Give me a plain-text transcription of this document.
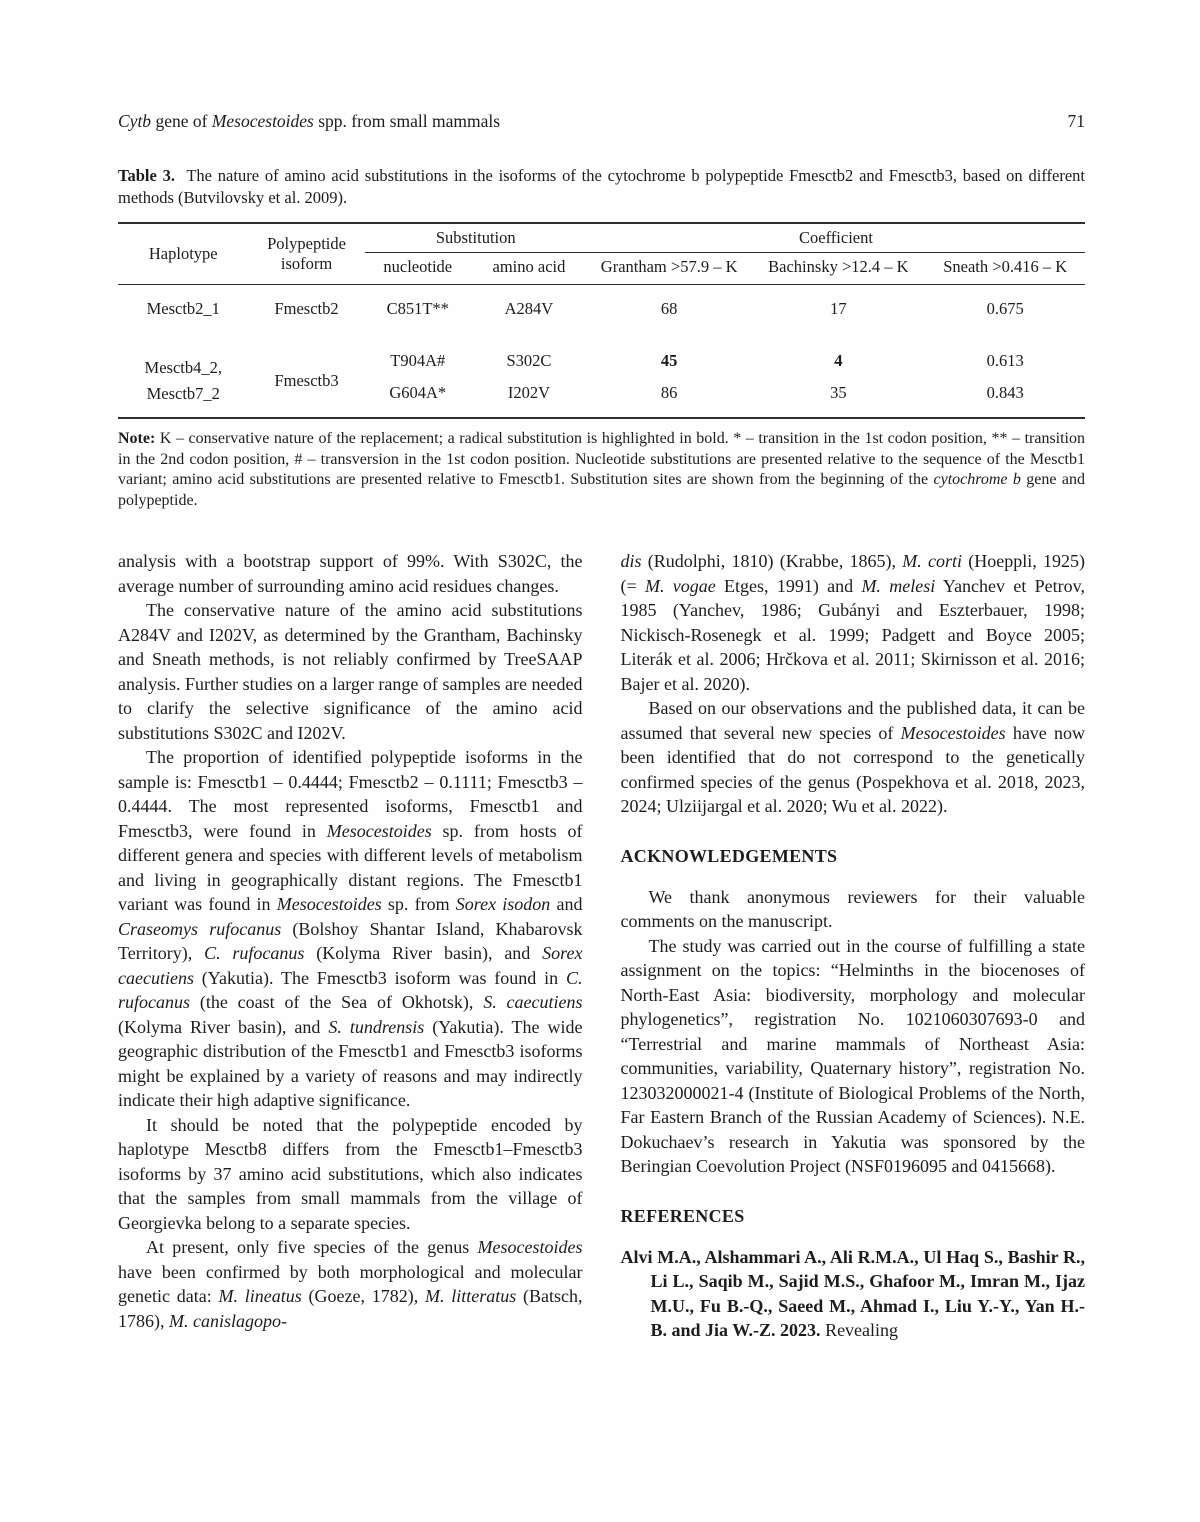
Cytb gene of Mesocestoides spp. from small mammals	71

Table 3.  The nature of amino acid substitutions in the isoforms of the cytochrome b polypeptide Fmesctb2 and Fmesctb3, based on different methods (Butvilovsky et al. 2009).

Haplotype	Polypeptide isoform	Substitution		Coefficient		
		nucleotide	amino acid	Grantham >57.9 – K	Bachinsky >12.4 – K	Sneath >0.416 – K
Mesctb2_1	Fmesctb2	C851T**	A284V	68	17	0.675
Mesctb4_2,
Mesctb7_2	Fmesctb3	T904A#	S302C	45	4	0.613
		G604A*	I202V	86	35	0.843

Note: K – conservative nature of the replacement; a radical substitution is highlighted in bold. * – transition in the 1st codon position, ** – transition in the 2nd codon position, # – transversion in the 1st codon position. Nucleotide substitutions are presented relative to the sequence of the Mesctb1 variant; amino acid substitutions are presented relative to Fmesctb1. Substitution sites are shown from the beginning of the cytochrome b gene and polypeptide.

analysis with a bootstrap support of 99%. With S302C, the average number of surrounding amino acid residues changes.

The conservative nature of the amino acid substitutions A284V and I202V, as determined by the Grantham, Bachinsky and Sneath methods, is not reliably confirmed by TreeSAAP analysis. Further studies on a larger range of samples are needed to clarify the selective significance of the amino acid substitutions S302C and I202V.

The proportion of identified polypeptide isoforms in the sample is: Fmesctb1 – 0.4444; Fmesctb2 – 0.1111; Fmesctb3 – 0.4444. The most represented isoforms, Fmesctb1 and Fmesctb3, were found in Mesocestoides sp. from hosts of different genera and species with different levels of metabolism and living in geographically distant regions. The Fmesctb1 variant was found in Mesocestoides sp. from Sorex isodon and Craseomys rufocanus (Bolshoy Shantar Island, Khabarovsk Territory), C. rufocanus (Kolyma River basin), and Sorex caecutiens (Yakutia). The Fmesctb3 isoform was found in C. rufocanus (the coast of the Sea of Okhotsk), S. caecutiens (Kolyma River basin), and S. tundrensis (Yakutia). The wide geographic distribution of the Fmesctb1 and Fmesctb3 isoforms might be explained by a variety of reasons and may indirectly indicate their high adaptive significance.

It should be noted that the polypeptide encoded by haplotype Mesctb8 differs from the Fmesctb1–Fmesctb3 isoforms by 37 amino acid substitutions, which also indicates that the samples from small mammals from the village of Georgievka belong to a separate species.

At present, only five species of the genus Mesocestoides have been confirmed by both morphological and molecular genetic data: M. lineatus (Goeze, 1782), M. litteratus (Batsch, 1786), M. canislagopo-

dis (Rudolphi, 1810) (Krabbe, 1865), M. corti (Hoeppli, 1925) (= M. vogae Etges, 1991) and M. melesi Yanchev et Petrov, 1985 (Yanchev, 1986; Gubányi and Eszterbauer, 1998; Nickisch-Rosenegk et al. 1999; Padgett and Boyce 2005; Literák et al. 2006; Hrčkova et al. 2011; Skirnisson et al. 2016; Bajer et al. 2020).

Based on our observations and the published data, it can be assumed that several new species of Mesocestoides have now been identified that do not correspond to the genetically confirmed species of the genus (Pospekhova et al. 2018, 2023, 2024; Ulziijargal et al. 2020; Wu et al. 2022).

ACKNOWLEDGEMENTS

We thank anonymous reviewers for their valuable comments on the manuscript.

The study was carried out in the course of fulfilling a state assignment on the topics: “Helminths in the biocenoses of North-East Asia: biodiversity, morphology and molecular phylogenetics”, registration No. 1021060307693-0 and “Terrestrial and marine mammals of Northeast Asia: communities, variability, Quaternary history”, registration No. 123032000021-4 (Institute of Biological Problems of the North, Far Eastern Branch of the Russian Academy of Sciences). N.E. Dokuchaev’s research in Yakutia was sponsored by the Beringian Coevolution Project (NSF0196095 and 0415668).

REFERENCES

Alvi M.A., Alshammari A., Ali R.M.A., Ul Haq S., Bashir R., Li L., Saqib M., Sajid M.S., Ghafoor M., Imran M., Ijaz M.U., Fu B.-Q., Saeed M., Ahmad I., Liu Y.-Y., Yan H.-B. and Jia W.-Z. 2023. Revealing
